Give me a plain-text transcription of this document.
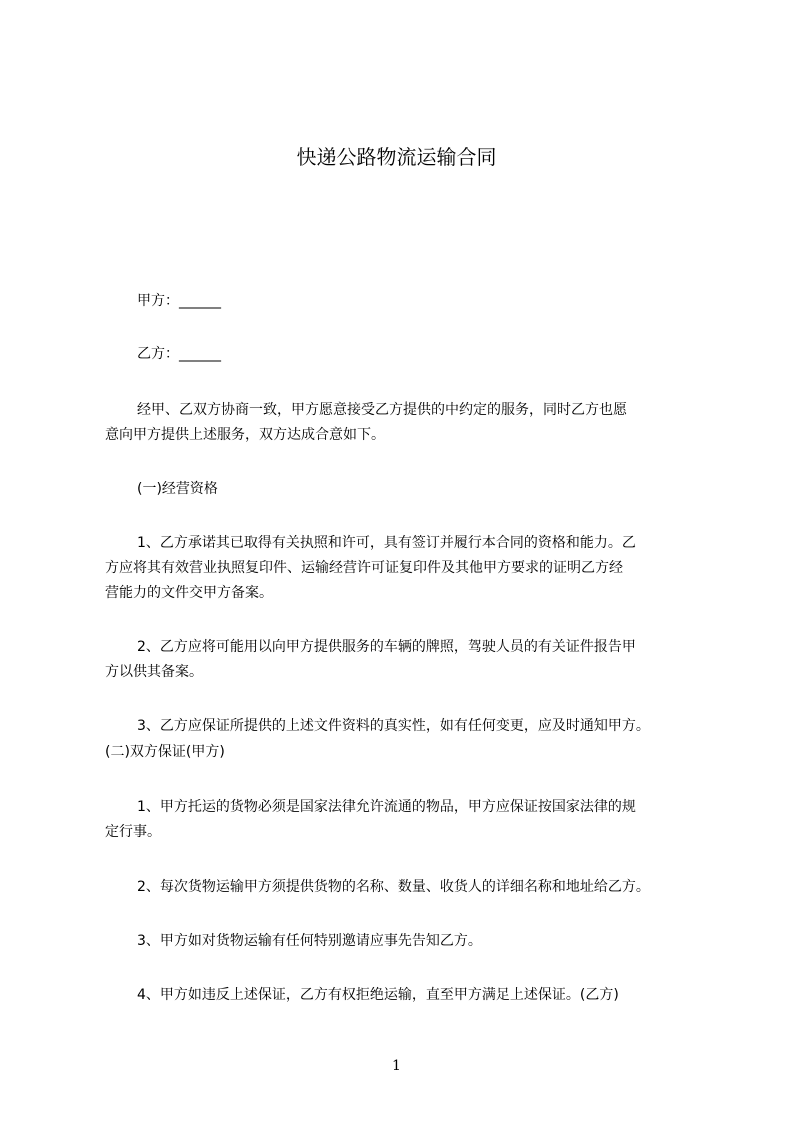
快递公路物流运输合同
甲方：______
乙方：______
经甲、乙双方协商一致，甲方愿意接受乙方提供的中约定的服务，同时乙方也愿
意向甲方提供上述服务，双方达成合意如下。
(一)经营资格
1、乙方承诺其已取得有关执照和许可，具有签订并履行本合同的资格和能力。乙
方应将其有效营业执照复印件、运输经营许可证复印件及其他甲方要求的证明乙方经
营能力的文件交甲方备案。
2、乙方应将可能用以向甲方提供服务的车辆的牌照，驾驶人员的有关证件报告甲
方以供其备案。
3、乙方应保证所提供的上述文件资料的真实性，如有任何变更，应及时通知甲方。
(二)双方保证(甲方)
1、甲方托运的货物必须是国家法律允许流通的物品，甲方应保证按国家法律的规
定行事。
2、每次货物运输甲方须提供货物的名称、数量、收货人的详细名称和地址给乙方。
3、甲方如对货物运输有任何特别邀请应事先告知乙方。
4、甲方如违反上述保证，乙方有权拒绝运输，直至甲方满足上述保证。(乙方)
1
